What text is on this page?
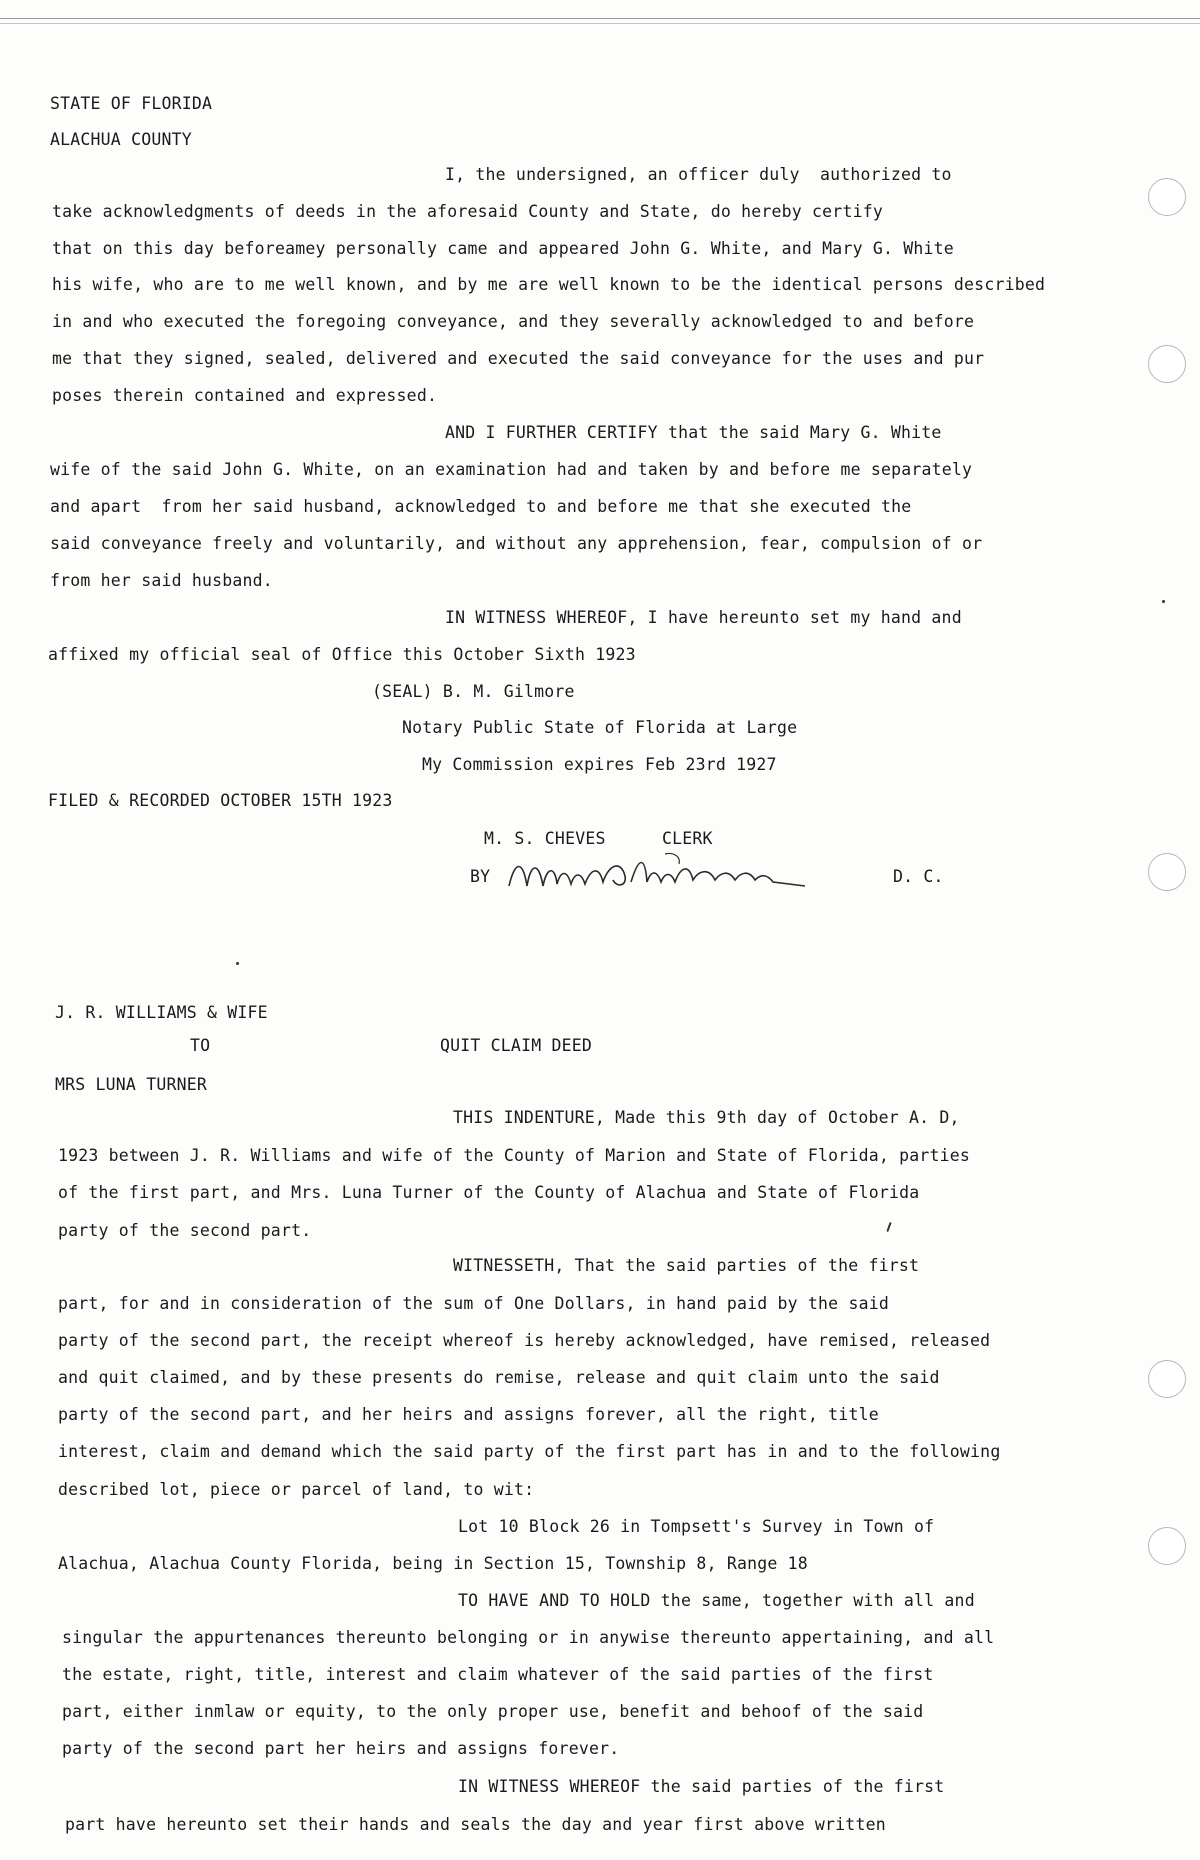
STATE OF FLORIDA
ALACHUA COUNTY
I, the undersigned, an officer duly  authorized to
take acknowledgments of deeds in the aforesaid County and State, do hereby certify
that on this day beforeamey personally came and appeared John G. White, and Mary G. White
his wife, who are to me well known, and by me are well known to be the identical persons described
in and who executed the foregoing conveyance, and they severally acknowledged to and before
me that they signed, sealed, delivered and executed the said conveyance for the uses and pur
poses therein contained and expressed.
AND I FURTHER CERTIFY that the said Mary G. White
wife of the said John G. White, on an examination had and taken by and before me separately
and apart  from her said husband, acknowledged to and before me that she executed the
said conveyance freely and voluntarily, and without any apprehension, fear, compulsion of or
from her said husband.
IN WITNESS WHEREOF, I have hereunto set my hand and
affixed my official seal of Office this October Sixth 1923
(SEAL) B. M. Gilmore
Notary Public State of Florida at Large
My Commission expires Feb 23rd 1927
FILED & RECORDED OCTOBER 15TH 1923
M. S. CHEVES	CLERK
BY	D. C.
J. R. WILLIAMS & WIFE
TO	QUIT CLAIM DEED
MRS LUNA TURNER
THIS INDENTURE, Made this 9th day of October A. D,
1923 between J. R. Williams and wife of the County of Marion and State of Florida, parties
of the first part, and Mrs. Luna Turner of the County of Alachua and State of Florida
party of the second part.
WITNESSETH, That the said parties of the first
part, for and in consideration of the sum of One Dollars, in hand paid by the said
party of the second part, the receipt whereof is hereby acknowledged, have remised, released
and quit claimed, and by these presents do remise, release and quit claim unto the said
party of the second part, and her heirs and assigns forever, all the right, title
interest, claim and demand which the said party of the first part has in and to the following
described lot, piece or parcel of land, to wit:
Lot 10 Block 26 in Tompsett's Survey in Town of
Alachua, Alachua County Florida, being in Section 15, Township 8, Range 18
TO HAVE AND TO HOLD the same, together with all and
singular the appurtenances thereunto belonging or in anywise thereunto appertaining, and all
the estate, right, title, interest and claim whatever of the said parties of the first
part, either inmlaw or equity, to the only proper use, benefit and behoof of the said
party of the second part her heirs and assigns forever.
IN WITNESS WHEREOF the said parties of the first
part have hereunto set their hands and seals the day and year first above written
